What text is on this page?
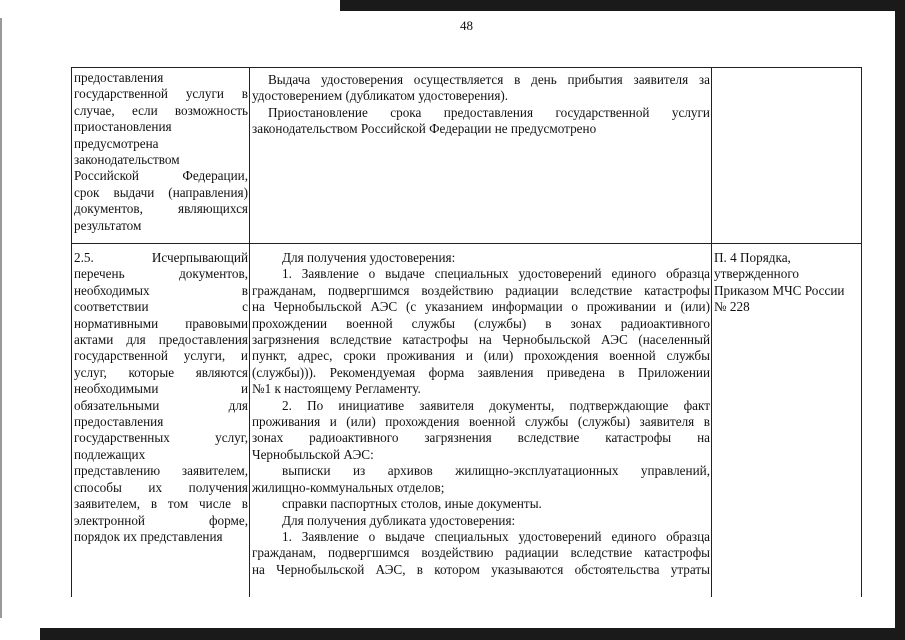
48
предоставления
государственной услуги в
случае, если возможность
приостановления
предусмотрена
законодательством
Российской Федерации,
срок выдачи (направления)
документов, являющихся
результатом
Выдача удостоверения осуществляется в день прибытия заявителя за
удостоверением (дубликатом удостоверения).
Приостановление срока предоставления государственной услуги
законодательством Российской Федерации не предусмотрено
2.5. Исчерпывающий
перечень документов,
необходимых в
соответствии с
нормативными правовыми
актами для предоставления
государственной услуги, и
услуг, которые являются
необходимыми и
обязательными для
предоставления
государственных услуг,
подлежащих
представлению заявителем,
способы их получения
заявителем, в том числе в
электронной форме,
порядок их представления
Для получения удостоверения:
1. Заявление о выдаче специальных удостоверений единого образца
гражданам, подвергшимся воздействию радиации вследствие катастрофы
на Чернобыльской АЭС (с указанием информации о проживании и (или)
прохождении военной службы (службы) в зонах радиоактивного
загрязнения вследствие катастрофы на Чернобыльской АЭС (населенный
пункт, адрес, сроки проживания и (или) прохождения военной службы
(службы))). Рекомендуемая форма заявления приведена в Приложении
№1 к настоящему Регламенту.
2. По инициативе заявителя документы, подтверждающие факт
проживания и (или) прохождения военной службы (службы) заявителя в
зонах радиоактивного загрязнения вследствие катастрофы на
Чернобыльской АЭС:
выписки из архивов жилищно-эксплуатационных управлений,
жилищно-коммунальных отделов;
справки паспортных столов, иные документы.
Для получения дубликата удостоверения:
1. Заявление о выдаче специальных удостоверений единого образца
гражданам, подвергшимся воздействию радиации вследствие катастрофы
на Чернобыльской АЭС, в котором указываются обстоятельства утраты
П. 4 Порядка,
утвержденного
Приказом МЧС России
№ 228
